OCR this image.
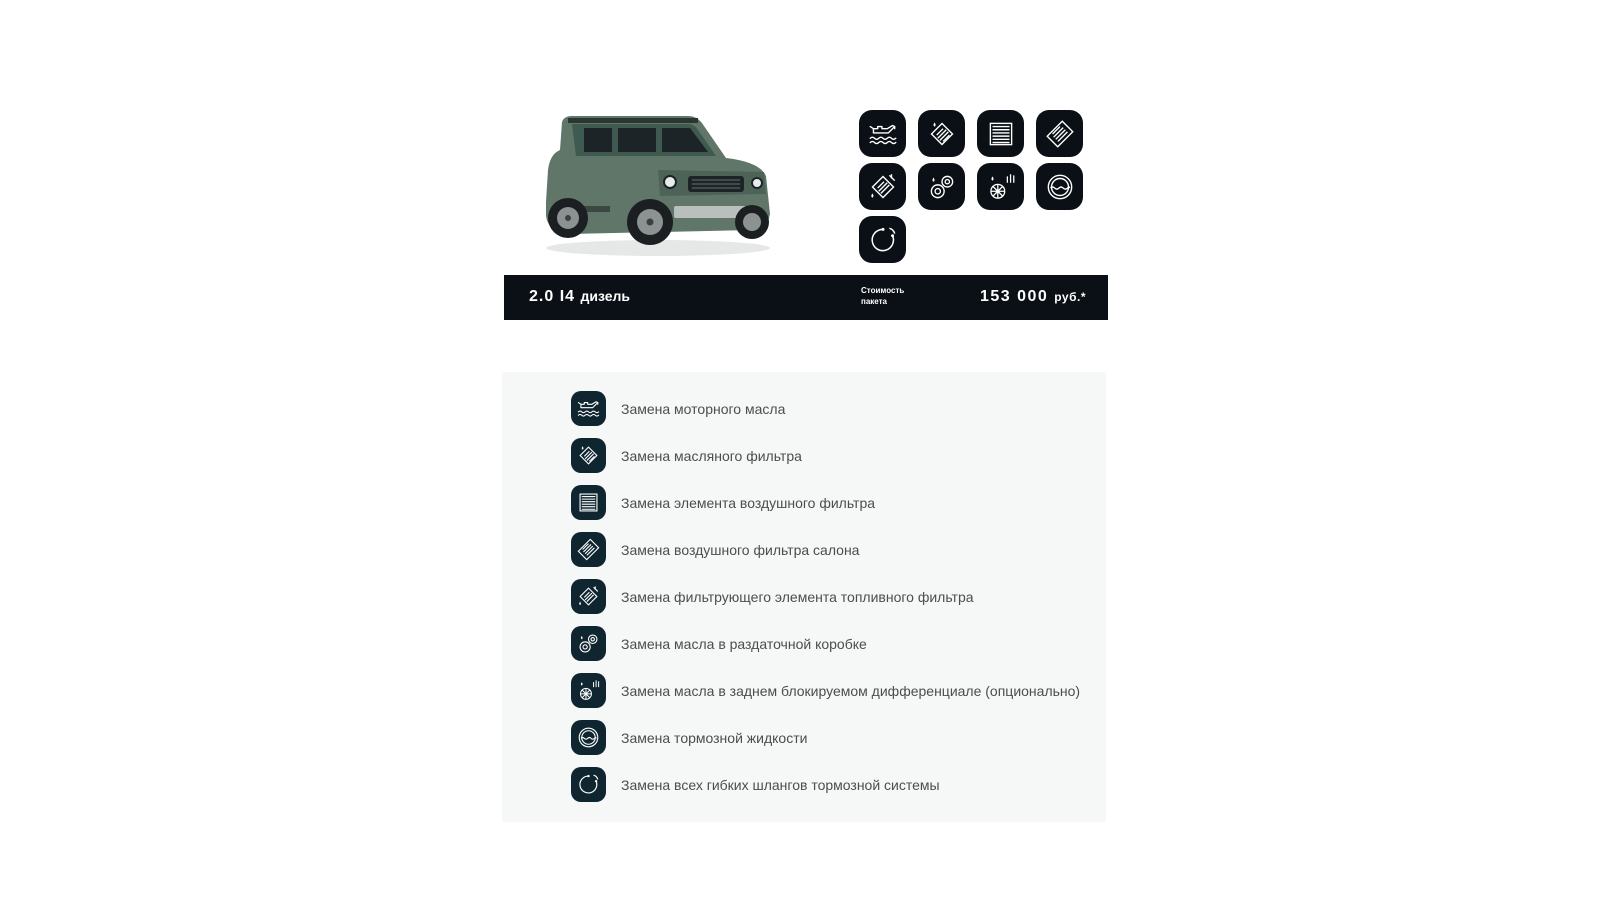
2.0 I4 дизель	Стоимость пакета	153 000 руб.*
Замена моторного масла
Замена масляного фильтра
Замена элемента воздушного фильтра
Замена воздушного фильтра салона
Замена фильтрующего элемента топливного фильтра
Замена масла в раздаточной коробке
Замена масла в заднем блокируемом дифференциале (опционально)
Замена тормозной жидкости
Замена всех гибких шлангов тормозной системы
